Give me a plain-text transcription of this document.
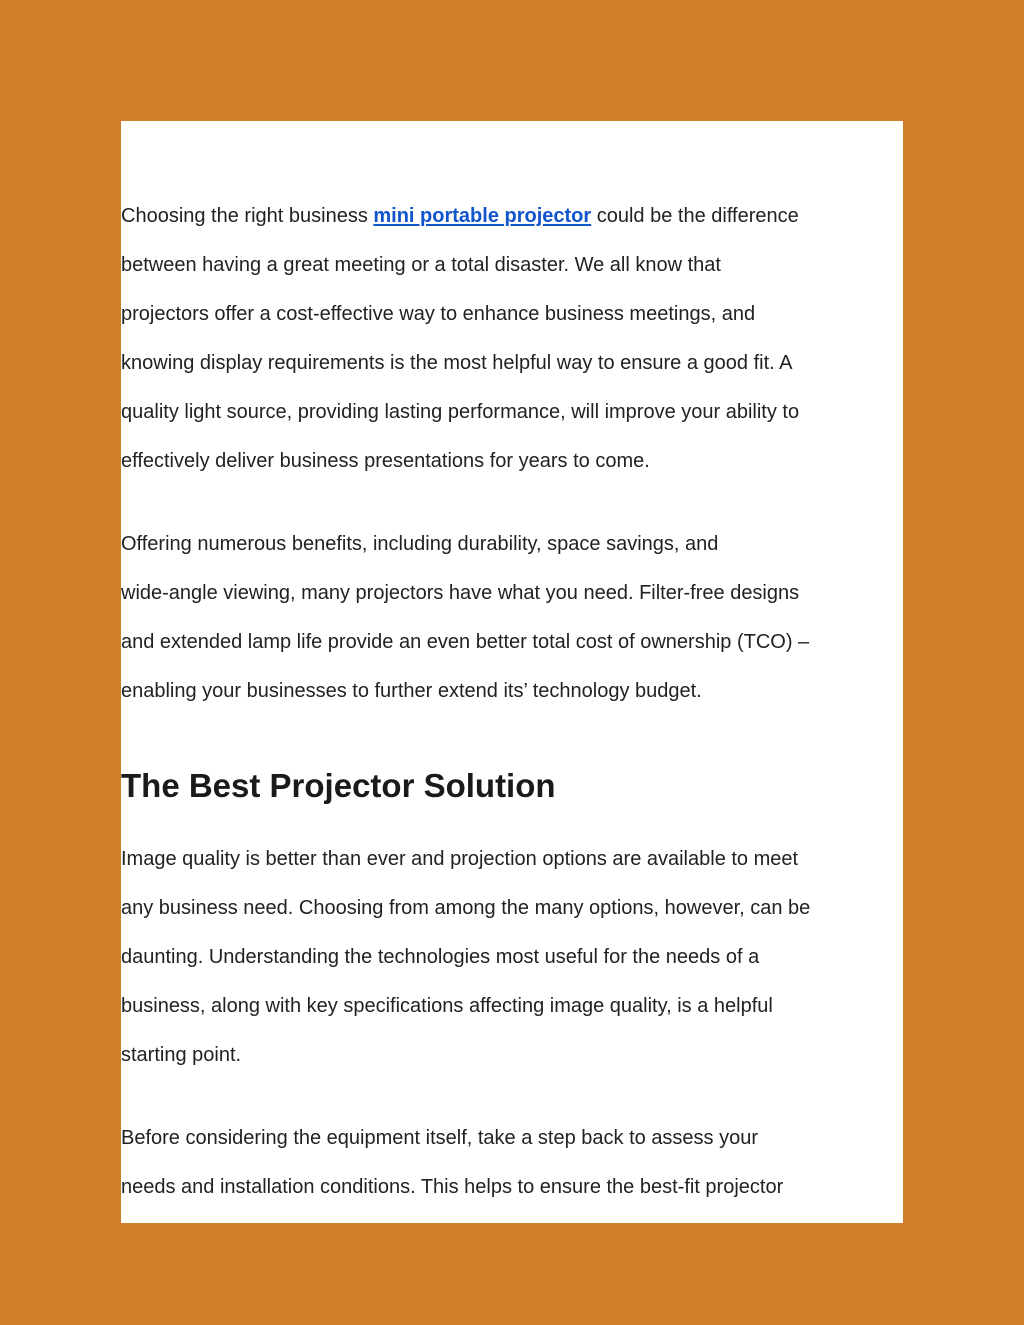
Choosing the right business mini portable projector could be the difference
between having a great meeting or a total disaster. We all know that
projectors offer a cost-effective way to enhance business meetings, and
knowing display requirements is the most helpful way to ensure a good fit. A
quality light source, providing lasting performance, will improve your ability to
effectively deliver business presentations for years to come.

Offering numerous benefits, including durability, space savings, and
wide-angle viewing, many projectors have what you need. Filter-free designs
and extended lamp life provide an even better total cost of ownership (TCO) –
enabling your businesses to further extend its’ technology budget.

The Best Projector Solution

Image quality is better than ever and projection options are available to meet
any business need. Choosing from among the many options, however, can be
daunting. Understanding the technologies most useful for the needs of a
business, along with key specifications affecting image quality, is a helpful
starting point.

Before considering the equipment itself, take a step back to assess your
needs and installation conditions. This helps to ensure the best-fit projector
